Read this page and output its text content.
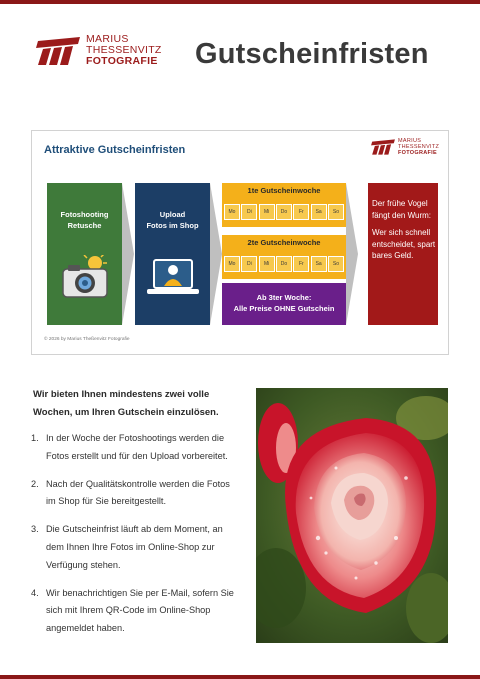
MARIUS
THESSENVITZ
FOTOGRAFIE Gutscheinfristen
Attraktive Gutscheinfristen
MARIUS
THESSENVITZ
FOTOGRAFIE
Fotoshooting
Retusche
Upload
Fotos im Shop
1te Gutscheinwoche
Mo	Di	Mi	Do	Fr	Sa	So
2te Gutscheinwoche
Mo	Di	Mi	Do	Fr	Sa	So
Ab 3ter Woche:
Alle Preise OHNE Gutschein

Der frühe Vogel fängt den Wurm:

Wer sich schnell entscheidet, spart bares Geld.

© 2026 by Marius Theßenvitz Fotografie
Wir bieten Ihnen mindestens zwei volle Wochen, um Ihren Gutschein einzulösen.
1. In der Woche der Fotoshootings werden die Fotos erstellt und für den Upload vorbereitet.
2. Nach der Qualitätskontrolle werden die Fotos im Shop für Sie bereitgestellt.
3. Die Gutscheinfrist läuft ab dem Moment, an dem Ihnen Ihre Fotos im Online-Shop zur Verfügung stehen.
4. Wir benachrichtigen Sie per E-Mail, sofern Sie sich mit Ihrem QR-Code im Online-Shop angemeldet haben.
